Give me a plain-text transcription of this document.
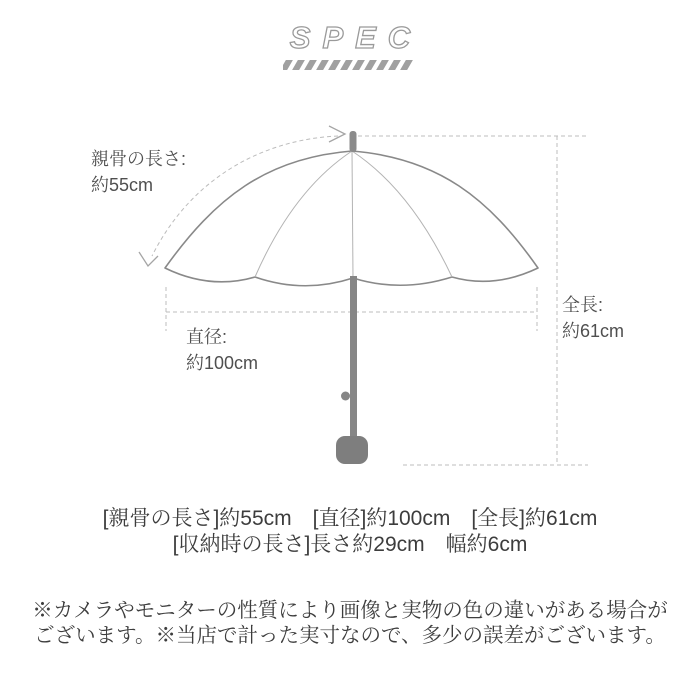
SPEC
親骨の長さ:
約55cm
直径:
約100cm
全長:
約61cm

[親骨の長さ]約55cm　[直径]約100cm　[全長]約61cm

[収納時の長さ]長さ約29cm　幅約6cm

※カメラやモニターの性質により画像と実物の色の違いがある場合が

ございます。※当店で計った実寸なので、多少の誤差がございます。
